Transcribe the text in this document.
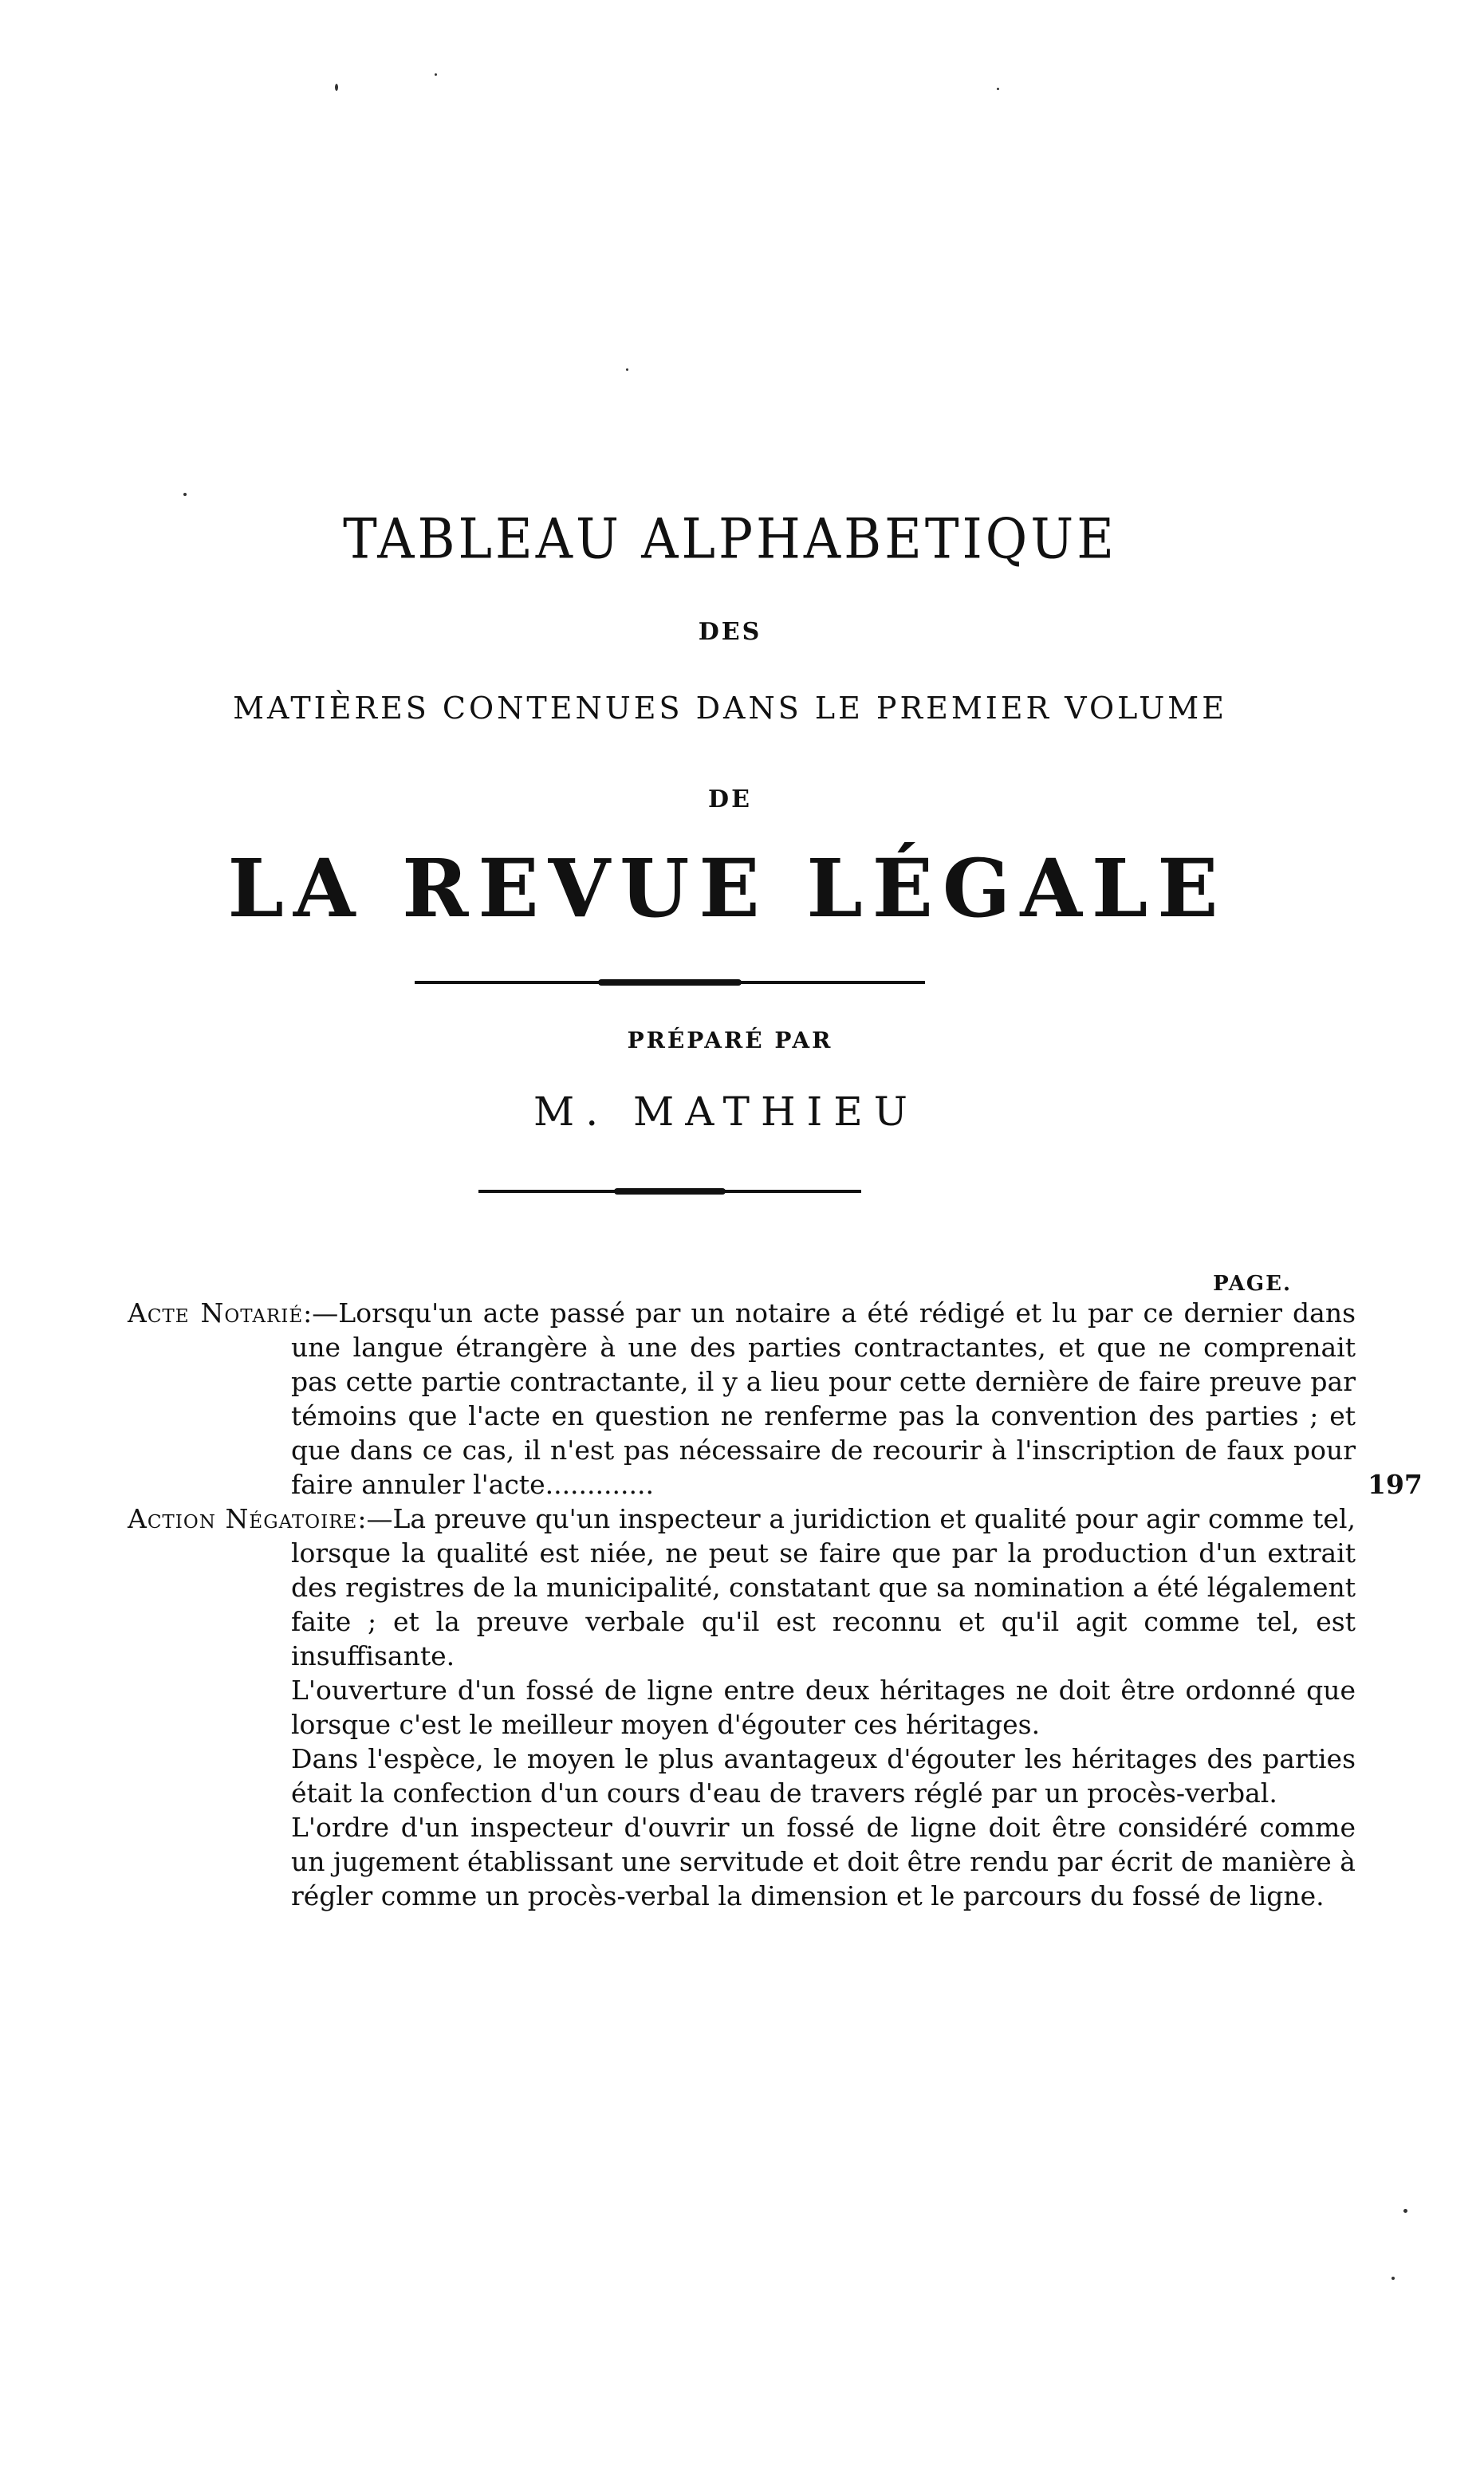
TABLEAU ALPHABETIQUE
DES
MATIÈRES CONTENUES DANS LE PREMIER VOLUME
DE
LA REVUE LÉGALE
PRÉPARÉ PAR
M. MATHIEU
PAGE.
Acte Notarié:—Lorsqu'un acte passé par un notaire a été rédigé et lu par ce dernier dans une langue étrangère à une des parties contractantes, et que ne comprenait pas cette partie contractante, il y a lieu pour cette dernière de faire preuve par témoins que l'acte en question ne renferme pas la convention des parties ; et que dans ce cas, il n'est pas nécessaire de recourir à l'inscription de faux pour faire annuler l'acte.............	197
Action Négatoire:—La preuve qu'un inspecteur a juridiction et qualité pour agir comme tel, lorsque la qualité est niée, ne peut se faire que par la production d'un extrait des registres de la municipalité, constatant que sa nomination a été légalement faite ; et la preuve verbale qu'il est reconnu et qu'il agit comme tel, est insuffisante.

L'ouverture d'un fossé de ligne entre deux héritages ne doit être ordonné que lorsque c'est le meilleur moyen d'égouter ces héritages.

Dans l'espèce, le moyen le plus avantageux d'égouter les héritages des parties était la confection d'un cours d'eau de travers réglé par un procès-verbal.

L'ordre d'un inspecteur d'ouvrir un fossé de ligne doit être considéré comme un jugement établissant une servitude et doit être rendu par écrit de manière à régler comme un procès-verbal la dimension et le parcours du fossé de ligne.
